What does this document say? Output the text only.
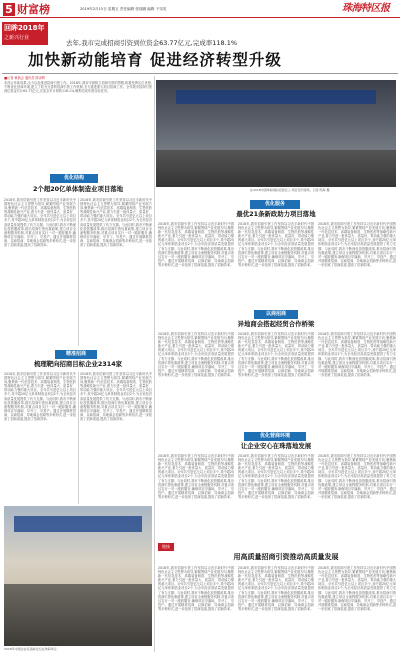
5 财富榜	2019年2月15日 星期五 责任编辑 张瑞娜 编辑 于岚英	珠海特区报
回眸2018年
之新兴行业
去年,我市完成招商引资到位资金63.77亿元,完成率118.1%
加快新动能培育 促进经济转型升级
■记者 黄新会 通讯员 陈泽晖
求得合作新成果,全力以赴推进招商引资工作。2018年,我市牢固树立招商引资的思路,积极发挥区位优势,不断优化营商环境,建立了较为完善的招商引资工作机制,全力推进重大项目招商工作。全年我市招商引资到位资金共计63.77亿元,完成全年计划的118.1%,顺利完成年度目标任务。
在2018中国珠海国际招商会上,项目签约现场。记者 陈海 摄
优化结构
2个超20亿单体制造业项目落地
2018年,我市招商引资工作坚持以习近平新时代中国特色社会主义思想为指导,紧紧围绕产业发展方向,聚焦新一代信息技术、高端装备制造、生物医药等战略性新兴产业,着力引进一批体量大、质量好、带动能力强的重大项目。全年共引进亿元以上项目多个,其中超20亿元单体制造业项目2个,为全市经济高质量发展提供了有力支撑。与此同时,我市不断深化放管服改革,推出招商引资优惠政策,建立项目全流程服务机制,对重点项目实行一对一跟踪服务,确保项目早落地、早开工、早投产。通过开展精准招商、以商招商、异地商会招商等多种形式,进一步拓宽了招商渠道,提高了招商效率。
2018年,我市招商引资工作坚持以习近平新时代中国特色社会主义思想为指导,紧紧围绕产业发展方向,聚焦新一代信息技术、高端装备制造、生物医药等战略性新兴产业,着力引进一批体量大、质量好、带动能力强的重大项目。全年共引进亿元以上项目多个,其中超20亿元单体制造业项目2个,为全市经济高质量发展提供了有力支撑。与此同时,我市不断深化放管服改革,推出招商引资优惠政策,建立项目全流程服务机制,对重点项目实行一对一跟踪服务,确保项目早落地、早开工、早投产。通过开展精准招商、以商招商、异地商会招商等多种形式,进一步拓宽了招商渠道,提高了招商效率。
优化服务
最优21条新政助力项目落地
2018年,我市招商引资工作坚持以习近平新时代中国特色社会主义思想为指导,紧紧围绕产业发展方向,聚焦新一代信息技术、高端装备制造、生物医药等战略性新兴产业,着力引进一批体量大、质量好、带动能力强的重大项目。全年共引进亿元以上项目多个,其中超20亿元单体制造业项目2个,为全市经济高质量发展提供了有力支撑。与此同时,我市不断深化放管服改革,推出招商引资优惠政策,建立项目全流程服务机制,对重点项目实行一对一跟踪服务,确保项目早落地、早开工、早投产。通过开展精准招商、以商招商、异地商会招商等多种形式,进一步拓宽了招商渠道,提高了招商效率。
2018年,我市招商引资工作坚持以习近平新时代中国特色社会主义思想为指导,紧紧围绕产业发展方向,聚焦新一代信息技术、高端装备制造、生物医药等战略性新兴产业,着力引进一批体量大、质量好、带动能力强的重大项目。全年共引进亿元以上项目多个,其中超20亿元单体制造业项目2个,为全市经济高质量发展提供了有力支撑。与此同时,我市不断深化放管服改革,推出招商引资优惠政策,建立项目全流程服务机制,对重点项目实行一对一跟踪服务,确保项目早落地、早开工、早投产。通过开展精准招商、以商招商、异地商会招商等多种形式,进一步拓宽了招商渠道,提高了招商效率。
2018年,我市招商引资工作坚持以习近平新时代中国特色社会主义思想为指导,紧紧围绕产业发展方向,聚焦新一代信息技术、高端装备制造、生物医药等战略性新兴产业,着力引进一批体量大、质量好、带动能力强的重大项目。全年共引进亿元以上项目多个,其中超20亿元单体制造业项目2个,为全市经济高质量发展提供了有力支撑。与此同时,我市不断深化放管服改革,推出招商引资优惠政策,建立项目全流程服务机制,对重点项目实行一对一跟踪服务,确保项目早落地、早开工、早投产。通过开展精准招商、以商招商、异地商会招商等多种形式,进一步拓宽了招商渠道,提高了招商效率。
精准招商
梳理靶向招商目标企业2314家
2018年,我市招商引资工作坚持以习近平新时代中国特色社会主义思想为指导,紧紧围绕产业发展方向,聚焦新一代信息技术、高端装备制造、生物医药等战略性新兴产业,着力引进一批体量大、质量好、带动能力强的重大项目。全年共引进亿元以上项目多个,其中超20亿元单体制造业项目2个,为全市经济高质量发展提供了有力支撑。与此同时,我市不断深化放管服改革,推出招商引资优惠政策,建立项目全流程服务机制,对重点项目实行一对一跟踪服务,确保项目早落地、早开工、早投产。通过开展精准招商、以商招商、异地商会招商等多种形式,进一步拓宽了招商渠道,提高了招商效率。
2018年,我市招商引资工作坚持以习近平新时代中国特色社会主义思想为指导,紧紧围绕产业发展方向,聚焦新一代信息技术、高端装备制造、生物医药等战略性新兴产业,着力引进一批体量大、质量好、带动能力强的重大项目。全年共引进亿元以上项目多个,其中超20亿元单体制造业项目2个,为全市经济高质量发展提供了有力支撑。与此同时,我市不断深化放管服改革,推出招商引资优惠政策,建立项目全流程服务机制,对重点项目实行一对一跟踪服务,确保项目早落地、早开工、早投产。通过开展精准招商、以商招商、异地商会招商等多种形式,进一步拓宽了招商渠道,提高了招商效率。
以商招商
异地商会搭起经贸合作桥梁
2018年,我市招商引资工作坚持以习近平新时代中国特色社会主义思想为指导,紧紧围绕产业发展方向,聚焦新一代信息技术、高端装备制造、生物医药等战略性新兴产业,着力引进一批体量大、质量好、带动能力强的重大项目。全年共引进亿元以上项目多个,其中超20亿元单体制造业项目2个,为全市经济高质量发展提供了有力支撑。与此同时,我市不断深化放管服改革,推出招商引资优惠政策,建立项目全流程服务机制,对重点项目实行一对一跟踪服务,确保项目早落地、早开工、早投产。通过开展精准招商、以商招商、异地商会招商等多种形式,进一步拓宽了招商渠道,提高了招商效率。
2018年,我市招商引资工作坚持以习近平新时代中国特色社会主义思想为指导,紧紧围绕产业发展方向,聚焦新一代信息技术、高端装备制造、生物医药等战略性新兴产业,着力引进一批体量大、质量好、带动能力强的重大项目。全年共引进亿元以上项目多个,其中超20亿元单体制造业项目2个,为全市经济高质量发展提供了有力支撑。与此同时,我市不断深化放管服改革,推出招商引资优惠政策,建立项目全流程服务机制,对重点项目实行一对一跟踪服务,确保项目早落地、早开工、早投产。通过开展精准招商、以商招商、异地商会招商等多种形式,进一步拓宽了招商渠道,提高了招商效率。
2018年,我市招商引资工作坚持以习近平新时代中国特色社会主义思想为指导,紧紧围绕产业发展方向,聚焦新一代信息技术、高端装备制造、生物医药等战略性新兴产业,着力引进一批体量大、质量好、带动能力强的重大项目。全年共引进亿元以上项目多个,其中超20亿元单体制造业项目2个,为全市经济高质量发展提供了有力支撑。与此同时,我市不断深化放管服改革,推出招商引资优惠政策,建立项目全流程服务机制,对重点项目实行一对一跟踪服务,确保项目早落地、早开工、早投产。通过开展精准招商、以商招商、异地商会招商等多种形式,进一步拓宽了招商渠道,提高了招商效率。
优化营商环境
让企业安心在珠落地发展
2018年,我市招商引资工作坚持以习近平新时代中国特色社会主义思想为指导,紧紧围绕产业发展方向,聚焦新一代信息技术、高端装备制造、生物医药等战略性新兴产业,着力引进一批体量大、质量好、带动能力强的重大项目。全年共引进亿元以上项目多个,其中超20亿元单体制造业项目2个,为全市经济高质量发展提供了有力支撑。与此同时,我市不断深化放管服改革,推出招商引资优惠政策,建立项目全流程服务机制,对重点项目实行一对一跟踪服务,确保项目早落地、早开工、早投产。通过开展精准招商、以商招商、异地商会招商等多种形式,进一步拓宽了招商渠道,提高了招商效率。
2018年,我市招商引资工作坚持以习近平新时代中国特色社会主义思想为指导,紧紧围绕产业发展方向,聚焦新一代信息技术、高端装备制造、生物医药等战略性新兴产业,着力引进一批体量大、质量好、带动能力强的重大项目。全年共引进亿元以上项目多个,其中超20亿元单体制造业项目2个,为全市经济高质量发展提供了有力支撑。与此同时,我市不断深化放管服改革,推出招商引资优惠政策,建立项目全流程服务机制,对重点项目实行一对一跟踪服务,确保项目早落地、早开工、早投产。通过开展精准招商、以商招商、异地商会招商等多种形式,进一步拓宽了招商渠道,提高了招商效率。
2018年,我市招商引资工作坚持以习近平新时代中国特色社会主义思想为指导,紧紧围绕产业发展方向,聚焦新一代信息技术、高端装备制造、生物医药等战略性新兴产业,着力引进一批体量大、质量好、带动能力强的重大项目。全年共引进亿元以上项目多个,其中超20亿元单体制造业项目2个,为全市经济高质量发展提供了有力支撑。与此同时,我市不断深化放管服改革,推出招商引资优惠政策,建立项目全流程服务机制,对重点项目实行一对一跟踪服务,确保项目早落地、早开工、早投产。通过开展精准招商、以商招商、异地商会招商等多种形式,进一步拓宽了招商渠道,提高了招商效率。
2018年中国企业家高峰论坛在珠海举行。
链接
用高质量招商引资推动高质量发展
2018年,我市招商引资工作坚持以习近平新时代中国特色社会主义思想为指导,紧紧围绕产业发展方向,聚焦新一代信息技术、高端装备制造、生物医药等战略性新兴产业,着力引进一批体量大、质量好、带动能力强的重大项目。全年共引进亿元以上项目多个,其中超20亿元单体制造业项目2个,为全市经济高质量发展提供了有力支撑。与此同时,我市不断深化放管服改革,推出招商引资优惠政策,建立项目全流程服务机制,对重点项目实行一对一跟踪服务,确保项目早落地、早开工、早投产。通过开展精准招商、以商招商、异地商会招商等多种形式,进一步拓宽了招商渠道,提高了招商效率。
2018年,我市招商引资工作坚持以习近平新时代中国特色社会主义思想为指导,紧紧围绕产业发展方向,聚焦新一代信息技术、高端装备制造、生物医药等战略性新兴产业,着力引进一批体量大、质量好、带动能力强的重大项目。全年共引进亿元以上项目多个,其中超20亿元单体制造业项目2个,为全市经济高质量发展提供了有力支撑。与此同时,我市不断深化放管服改革,推出招商引资优惠政策,建立项目全流程服务机制,对重点项目实行一对一跟踪服务,确保项目早落地、早开工、早投产。通过开展精准招商、以商招商、异地商会招商等多种形式,进一步拓宽了招商渠道,提高了招商效率。
2018年,我市招商引资工作坚持以习近平新时代中国特色社会主义思想为指导,紧紧围绕产业发展方向,聚焦新一代信息技术、高端装备制造、生物医药等战略性新兴产业,着力引进一批体量大、质量好、带动能力强的重大项目。全年共引进亿元以上项目多个,其中超20亿元单体制造业项目2个,为全市经济高质量发展提供了有力支撑。与此同时,我市不断深化放管服改革,推出招商引资优惠政策,建立项目全流程服务机制,对重点项目实行一对一跟踪服务,确保项目早落地、早开工、早投产。通过开展精准招商、以商招商、异地商会招商等多种形式,进一步拓宽了招商渠道,提高了招商效率。
